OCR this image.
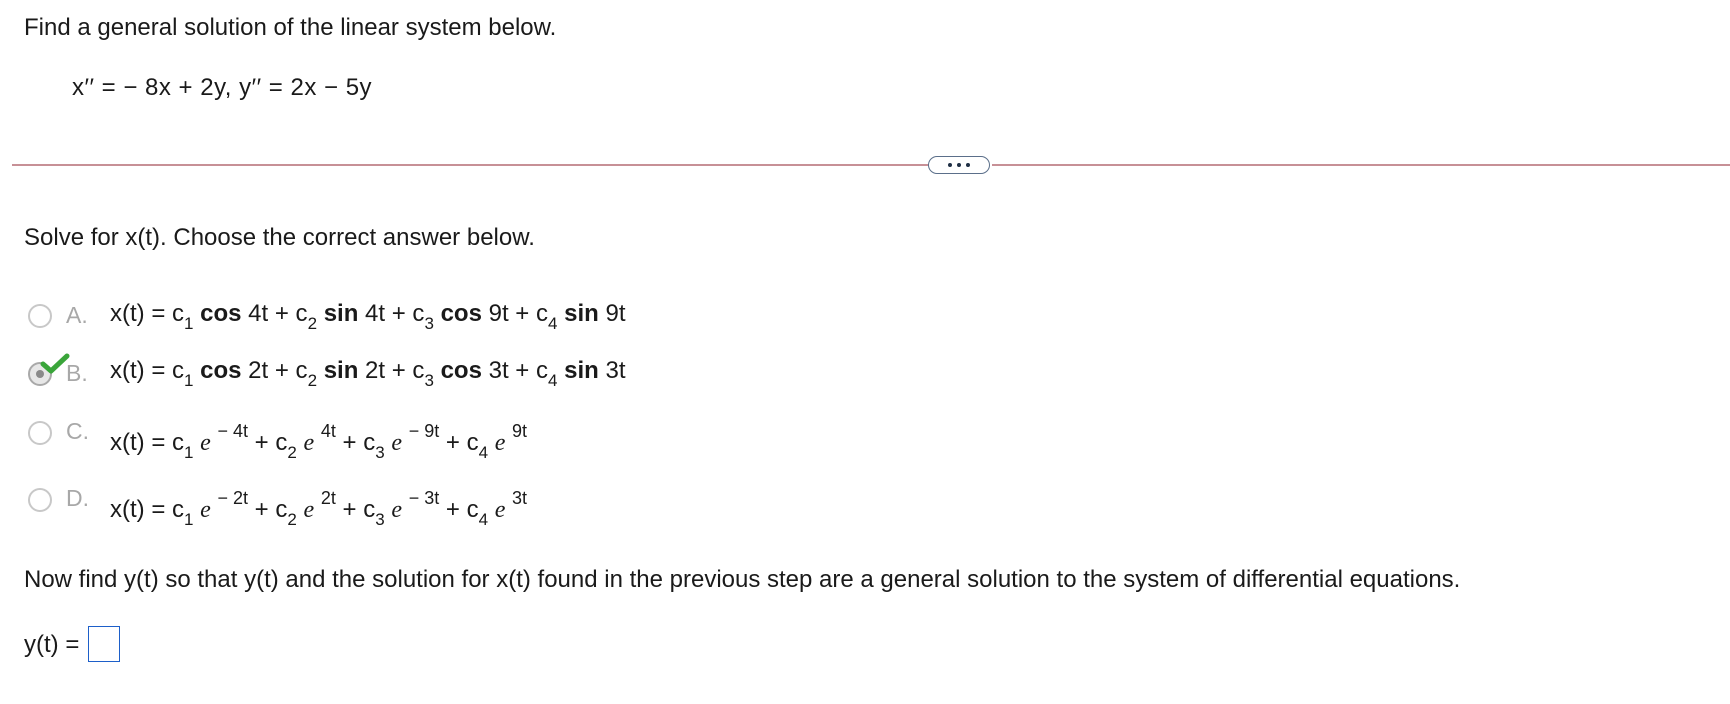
Find a general solution of the linear system below.
x′′ = − 8x + 2y, y′′ = 2x − 5y
Solve for x(t). Choose the correct answer below.
A. $x(t) = c_1$ $\cos 4t + c_2$ $\sin 4t + c_3$ $\cos 9t + c_4$ sin 9t
B. $x(t) = c_1$ $\cos 2t + c_2$ $\sin 2t + c_3$ $\cos 3t + c_4$ sin 3t
C. $x(t) = c_1$ e $^{- 4t} + c_2$ e $^{4t} + c_3$ e $^{- 9t} + c_4$ e $^{9t}$
D. $x(t) = c_1$ e $^{- 2t} + c_2$ e $^{2t} + c_3$ e $^{- 3t} + c_4$ e $^{3t}$
Now find y(t) so that y(t) and the solution for x(t) found in the previous step are a general solution to the system of differential equations.
y(t) =
